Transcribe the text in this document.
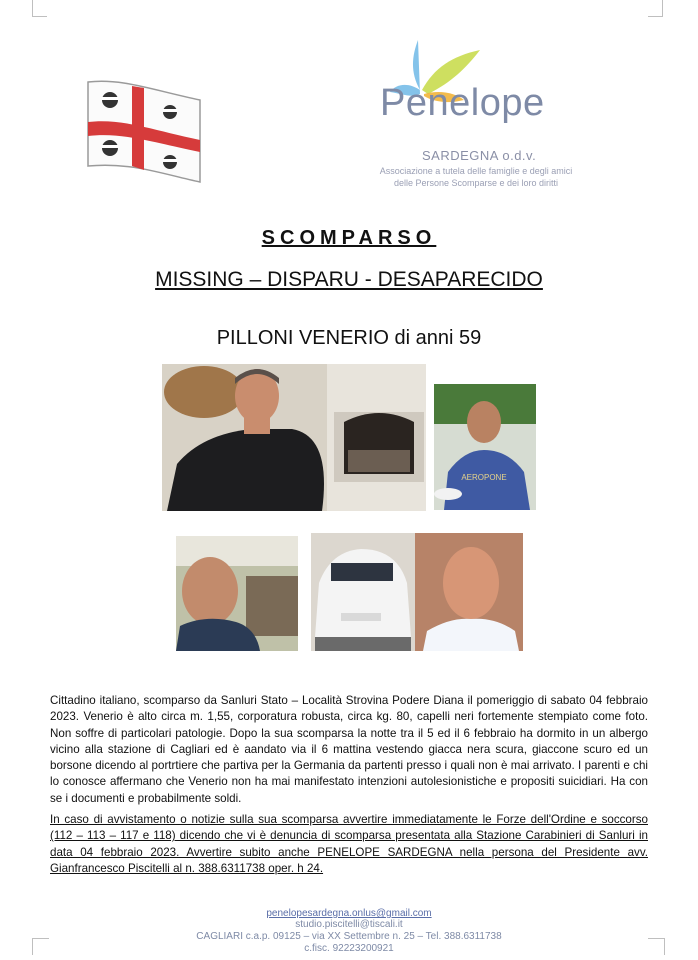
Penelope
SARDEGNA o.d.v.
Associazione a tutela delle famiglie e degli amici delle Persone Scomparse e dei loro diritti
SCOMPARSO
MISSING – DISPARU - DESAPARECIDO
PILLONI VENERIO di anni 59
AEROPONE
Cittadino italiano, scomparso da Sanluri Stato – Località Strovina Podere Diana il pomeriggio di sabato 04 febbraio 2023. Venerio è alto circa m. 1,55, corporatura robusta, circa kg. 80, capelli neri fortemente stempiato come foto. Non soffre di particolari patologie. Dopo la sua scomparsa la notte tra il 5 ed il 6 febbraio ha dormito in un albergo vicino alla stazione di Cagliari ed è aandato via il 6 mattina vestendo giacca nera scura, giaccone scuro ed un borsone dicendo al portrtiere che partiva per la Germania da partenti presso i quali non è mai arrivato. I parenti e chi lo conosce affermano che Venerio non ha mai manifestato intenzioni autolesionistiche e propositi suicidiari. Ha con se i documenti e probabilmente soldi.
In caso di avvistamento o notizie sulla sua scomparsa avvertire immediatamente le Forze dell'Ordine e soccorso (112 – 113 – 117 e 118) dicendo che vi è denuncia di scomparsa presentata alla Stazione Carabinieri di Sanluri in data 04 febbraio 2023. Avvertire subito anche PENELOPE SARDEGNA nella persona del Presidente avv. Gianfrancesco Piscitelli al n. 388.6311738 oper. h 24.
penelopesardegna.onlus@gmail.com
studio.piscitelli@tiscali.it
CAGLIARI c.a.p. 09125 – via XX Settembre n. 25 – Tel. 388.6311738
c.fisc. 92223200921
